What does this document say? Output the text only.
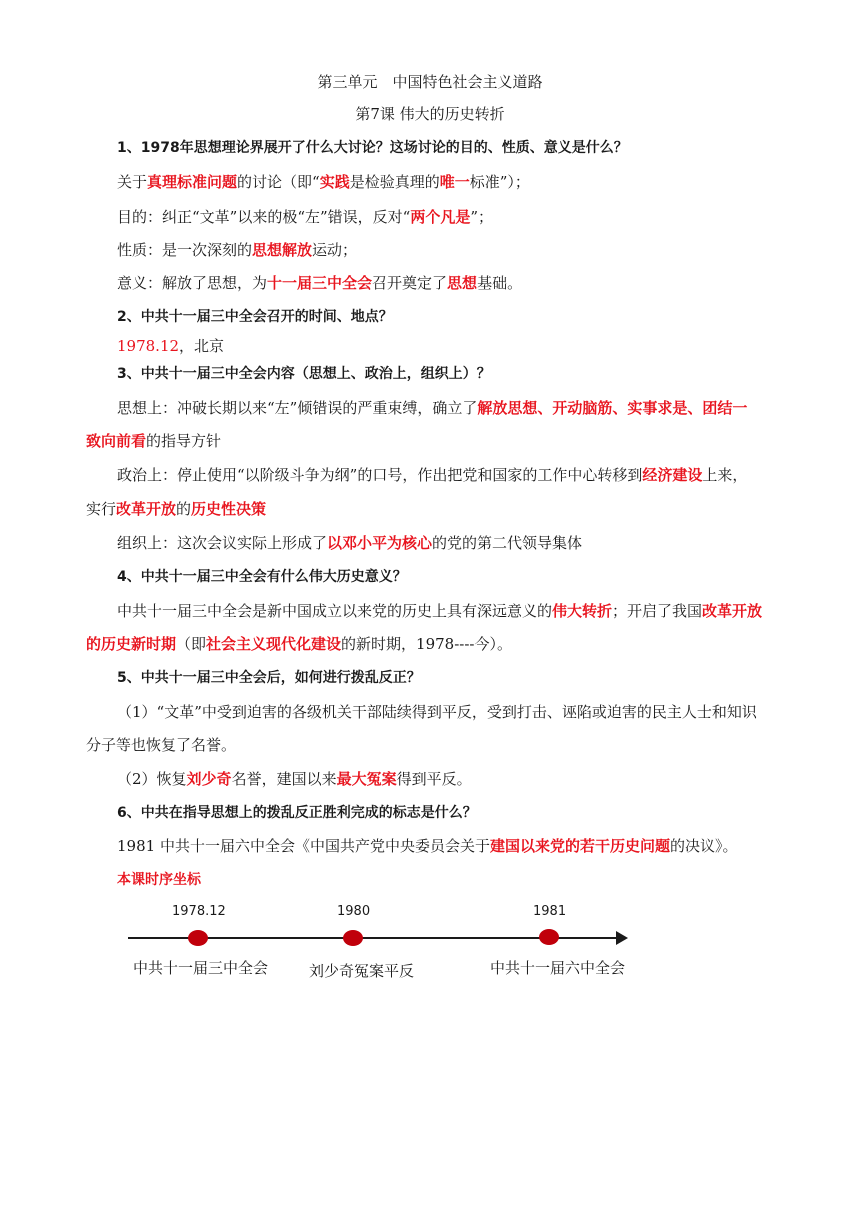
第三单元　中国特色社会主义道路
第7课 伟大的历史转折
1、1978年思想理论界展开了什么大讨论？这场讨论的目的、性质、意义是什么？
关于真理标准问题的讨论（即“实践是检验真理的唯一标准”）；
目的：纠正“文革”以来的极“左”错误，反对“两个凡是”；
性质：是一次深刻的思想解放运动；
意义：解放了思想，为十一届三中全会召开奠定了思想基础。
2、中共十一届三中全会召开的时间、地点？
1978.12，北京
3、中共十一届三中全会内容（思想上、政治上，组织上）？
思想上：冲破长期以来“左”倾错误的严重束缚，确立了解放思想、开动脑筋、实事求是、团结一
致向前看的指导方针
政治上：停止使用“以阶级斗争为纲”的口号，作出把党和国家的工作中心转移到经济建设上来，
实行改革开放的历史性决策
组织上：这次会议实际上形成了以邓小平为核心的党的第二代领导集体
4、中共十一届三中全会有什么伟大历史意义？
中共十一届三中全会是新中国成立以来党的历史上具有深远意义的伟大转折；开启了我国改革开放
的历史新时期（即社会主义现代化建设的新时期，1978----今）。
5、中共十一届三中全会后，如何进行拨乱反正？
（1）“文革”中受到迫害的各级机关干部陆续得到平反，受到打击、诬陷或迫害的民主人士和知识
分子等也恢复了名誉。
（2）恢复刘少奇名誉，建国以来最大冤案得到平反。
6、中共在指导思想上的拨乱反正胜利完成的标志是什么？
1981 中共十一届六中全会《中国共产党中央委员会关于建国以来党的若干历史问题的决议》。
本课时序坐标
1978.12	1980	1981
中共十一届三中全会	刘少奇冤案平反	中共十一届六中全会
